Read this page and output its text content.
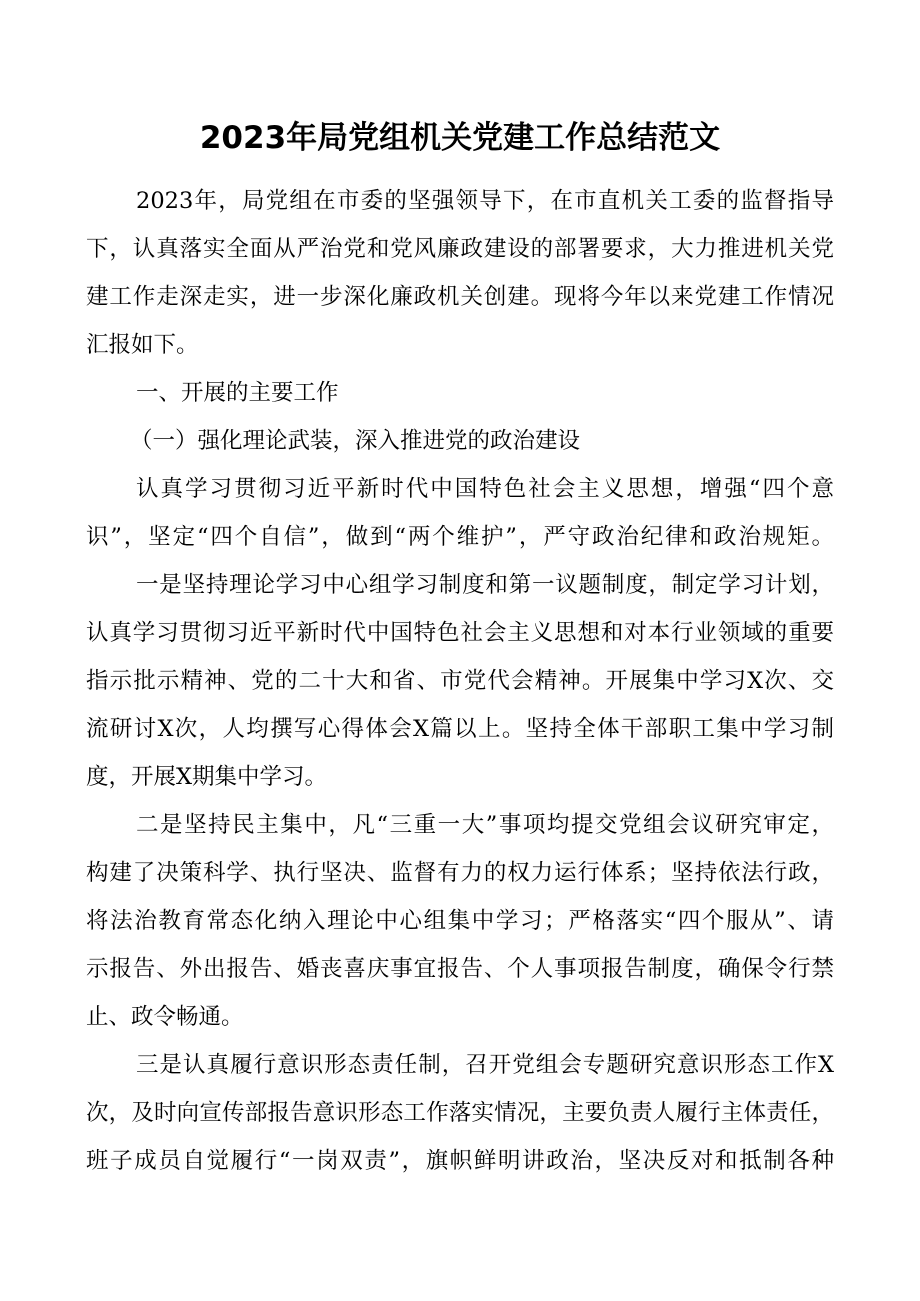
2023年局党组机关党建工作总结范文
2023年，局党组在市委的坚强领导下，在市直机关工委的监督指导
下，认真落实全面从严治党和党风廉政建设的部署要求，大力推进机关党
建工作走深走实，进一步深化廉政机关创建。现将今年以来党建工作情况
汇报如下。
一、开展的主要工作
（一）强化理论武装，深入推进党的政治建设
认真学习贯彻习近平新时代中国特色社会主义思想，增强“四个意
识”，坚定“四个自信”，做到“两个维护”，严守政治纪律和政治规矩。
一是坚持理论学习中心组学习制度和第一议题制度，制定学习计划，
认真学习贯彻习近平新时代中国特色社会主义思想和对本行业领域的重要
指示批示精神、党的二十大和省、市党代会精神。开展集中学习X次、交
流研讨X次，人均撰写心得体会X篇以上。坚持全体干部职工集中学习制
度，开展X期集中学习。
二是坚持民主集中，凡“三重一大”事项均提交党组会议研究审定，
构建了决策科学、执行坚决、监督有力的权力运行体系；坚持依法行政，
将法治教育常态化纳入理论中心组集中学习；严格落实“四个服从”、请
示报告、外出报告、婚丧喜庆事宜报告、个人事项报告制度，确保令行禁
止、政令畅通。
三是认真履行意识形态责任制，召开党组会专题研究意识形态工作X
次，及时向宣传部报告意识形态工作落实情况，主要负责人履行主体责任，
班子成员自觉履行“一岗双责”，旗帜鲜明讲政治，坚决反对和抵制各种
